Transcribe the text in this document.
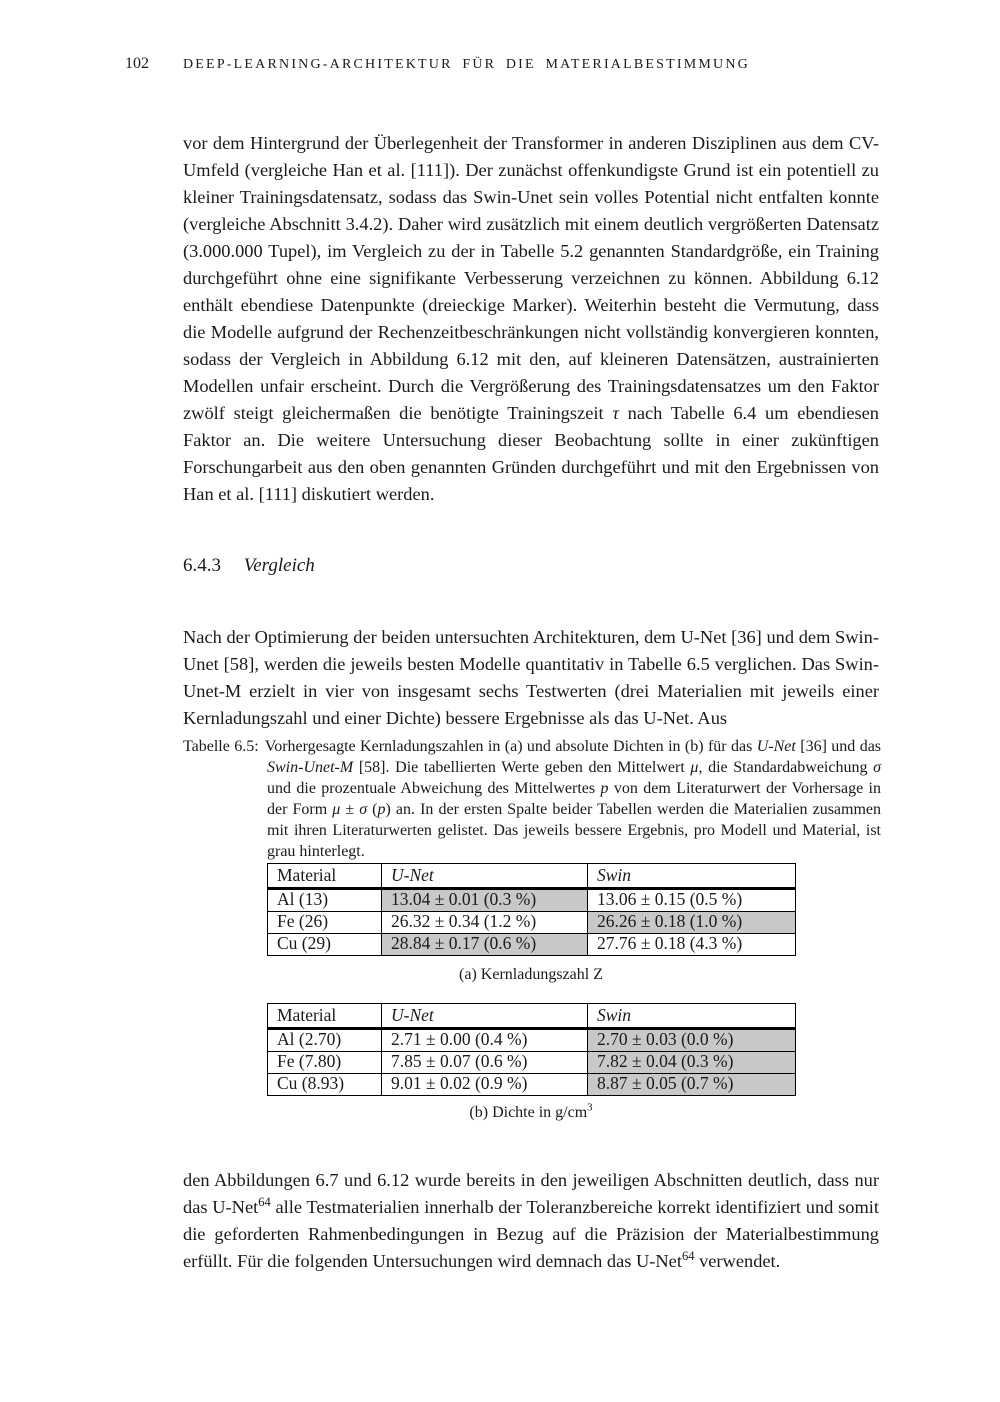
102	DEEP-LEARNING-ARCHITEKTUR FÜR DIE MATERIALBESTIMMUNG

vor dem Hintergrund der Überlegenheit der Transformer in anderen Disziplinen aus dem CV-Umfeld (vergleiche Han et al. [111]). Der zunächst offenkundigste Grund ist ein potentiell zu kleiner Trainingsdatensatz, sodass das Swin-Unet sein volles Potential nicht entfalten konnte (vergleiche Abschnitt 3.4.2). Daher wird zusätzlich mit einem deutlich vergrößerten Datensatz (3.000.000 Tupel), im Vergleich zu der in Tabelle 5.2 genannten Standardgröße, ein Training durchgeführt ohne eine signifikante Verbesserung verzeichnen zu können. Abbildung 6.12 enthält ebendiese Datenpunkte (dreieckige Marker). Weiterhin besteht die Vermutung, dass die Modelle aufgrund der Rechenzeitbeschränkungen nicht vollständig konvergieren konnten, sodass der Vergleich in Abbildung 6.12 mit den, auf kleineren Datensätzen, austrainierten Modellen unfair erscheint. Durch die Vergrößerung des Trainingsdatensatzes um den Faktor zwölf steigt gleichermaßen die benötigte Trainingszeit τ nach Tabelle 6.4 um ebendiesen Faktor an. Die weitere Untersuchung dieser Beobachtung sollte in einer zukünftigen Forschungarbeit aus den oben genannten Gründen durchgeführt und mit den Ergebnissen von Han et al. [111] diskutiert werden.

6.4.3 Vergleich

Nach der Optimierung der beiden untersuchten Architekturen, dem U-Net [36] und dem Swin-Unet [58], werden die jeweils besten Modelle quantitativ in Tabelle 6.5 verglichen. Das Swin-Unet-M erzielt in vier von insgesamt sechs Testwerten (drei Materialien mit jeweils einer Kernladungszahl und einer Dichte) bessere Ergebnisse als das U-Net. Aus

Tabelle 6.5: Vorhergesagte Kernladungszahlen in (a) und absolute Dichten in (b) für das U-Net [36] und das Swin-Unet-M [58]. Die tabellierten Werte geben den Mittelwert μ, die Standardabweichung σ und die prozentuale Abweichung des Mittelwertes p von dem Literaturwert der Vorhersage in der Form μ ± σ (p) an. In der ersten Spalte beider Tabellen werden die Materialien zusammen mit ihren Literaturwerten gelistet. Das jeweils bessere Ergebnis, pro Modell und Material, ist grau hinterlegt.
Material	U-Net	Swin
Al (13)	13.04 ± 0.01 (0.3 %)	13.06 ± 0.15 (0.5 %)
Fe (26)	26.32 ± 0.34 (1.2 %)	26.26 ± 0.18 (1.0 %)
Cu (29)	28.84 ± 0.17 (0.6 %)	27.76 ± 0.18 (4.3 %)
(a) Kernladungszahl Z
Material	U-Net	Swin
Al (2.70)	2.71 ± 0.00 (0.4 %)	2.70 ± 0.03 (0.0 %)
Fe (7.80)	7.85 ± 0.07 (0.6 %)	7.82 ± 0.04 (0.3 %)
Cu (8.93)	9.01 ± 0.02 (0.9 %)	8.87 ± 0.05 (0.7 %)
(b) Dichte in $g/cm^3$

den Abbildungen 6.7 und 6.12 wurde bereits in den jeweiligen Abschnitten deutlich, dass nur das U-Net$^{64}$ alle Testmaterialien innerhalb der Toleranzbereiche korrekt identifiziert und somit die geforderten Rahmenbedingungen in Bezug auf die Präzision der Materialbestimmung erfüllt. Für die folgenden Untersuchungen wird demnach das U-Net$^{64}$ verwendet.
